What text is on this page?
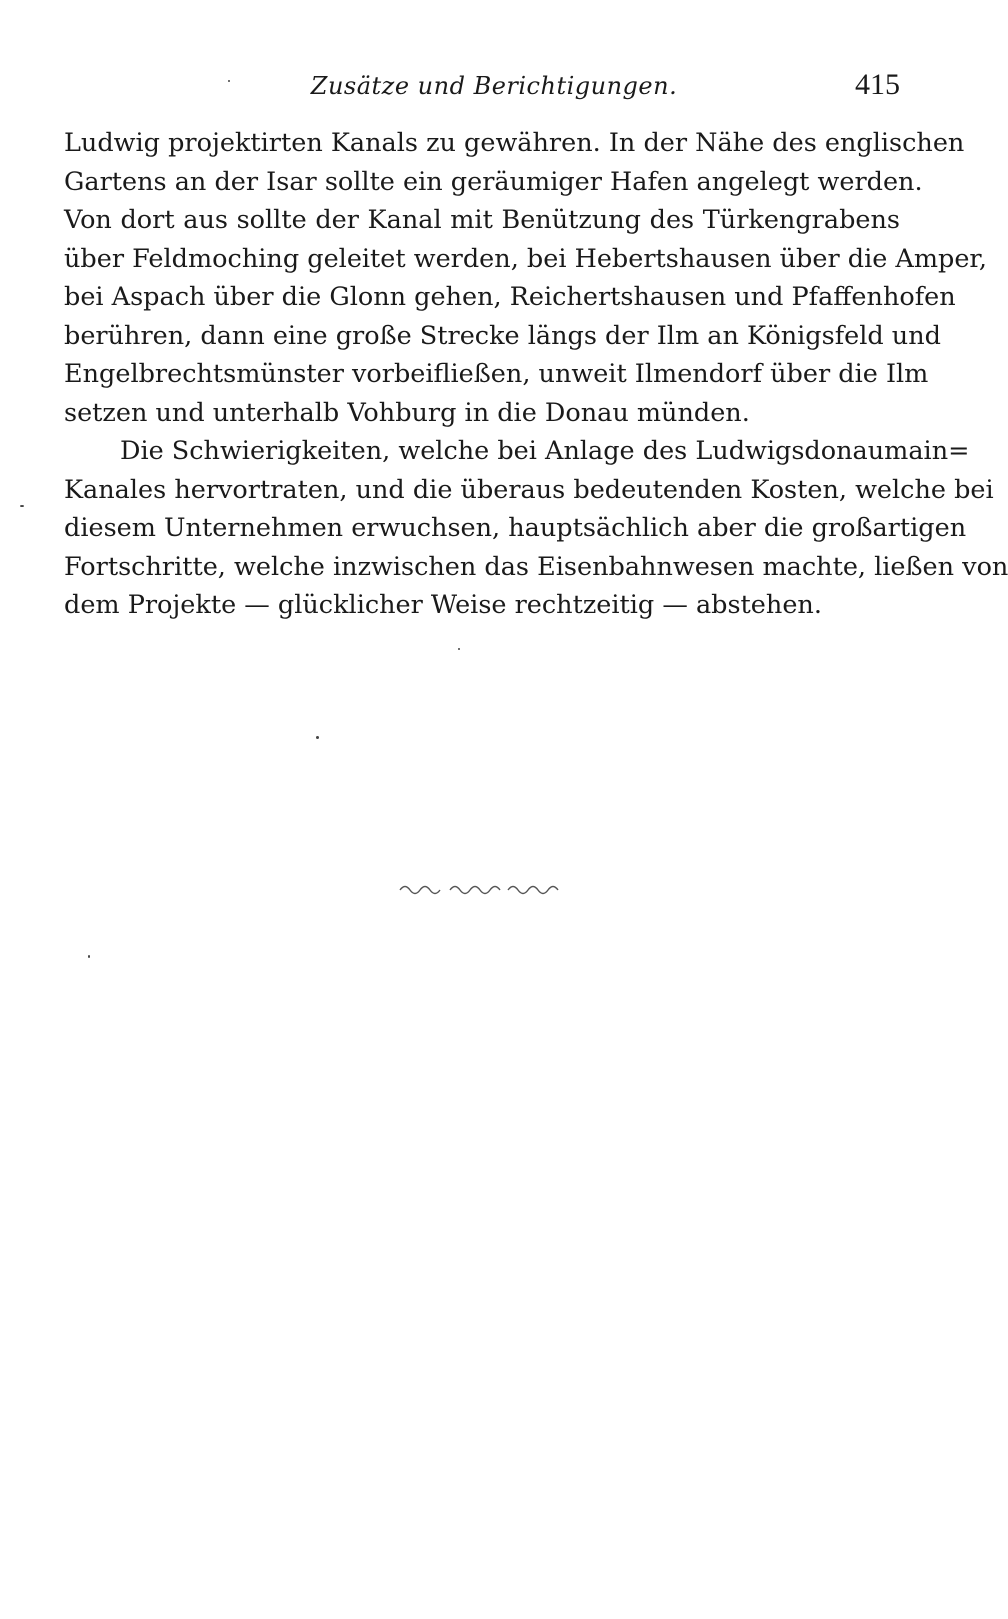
Zusätze und Berichtigungen.	415
Ludwig projektirten Kanals zu gewähren. In der Nähe des englischen
Gartens an der Isar sollte ein geräumiger Hafen angelegt werden.
Von dort aus sollte der Kanal mit Benützung des Türkengrabens
über Feldmoching geleitet werden, bei Hebertshausen über die Amper,
bei Aspach über die Glonn gehen, Reichertshausen und Pfaffenhofen
berühren, dann eine große Strecke längs der Ilm an Königsfeld und
Engelbrechtsmünster vorbeifließen, unweit Ilmendorf über die Ilm
setzen und unterhalb Vohburg in die Donau münden.
Die Schwierigkeiten, welche bei Anlage des Ludwigsdonaumain=
Kanales hervortraten, und die überaus bedeutenden Kosten, welche bei
diesem Unternehmen erwuchsen, hauptsächlich aber die großartigen
Fortschritte, welche inzwischen das Eisenbahnwesen machte, ließen von
dem Projekte — glücklicher Weise rechtzeitig — abstehen.
